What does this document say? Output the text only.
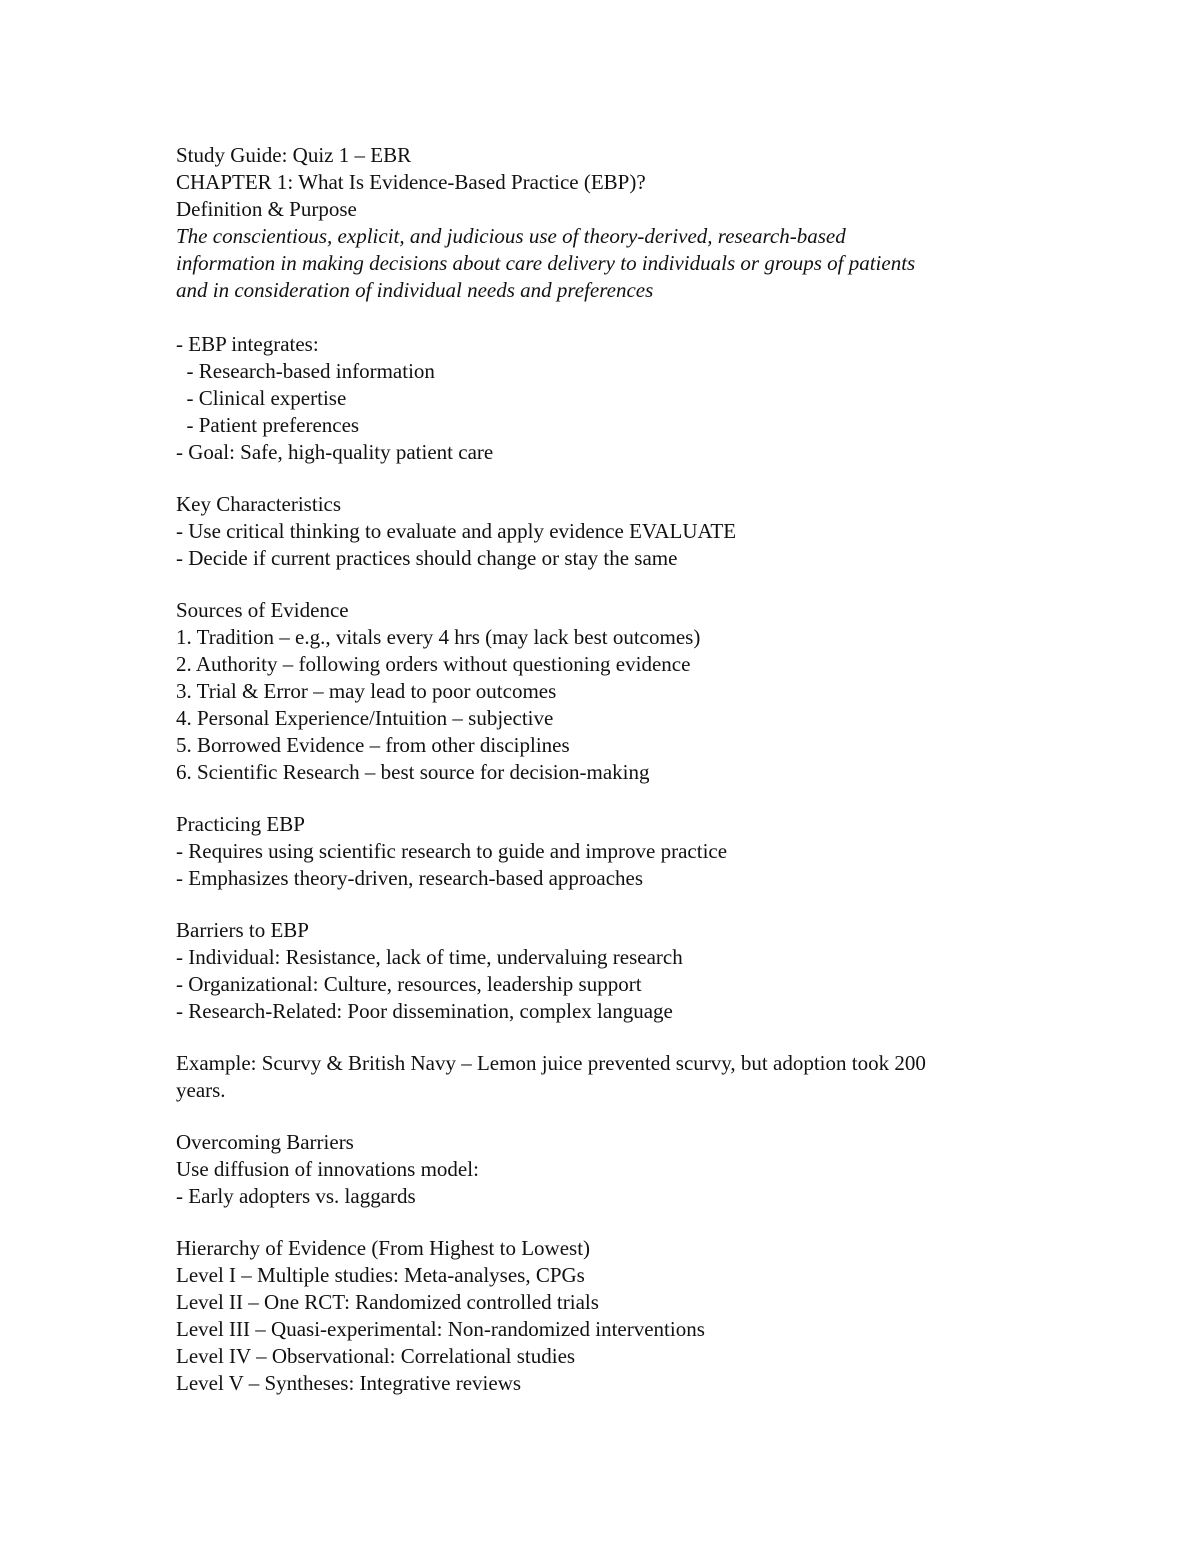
Study Guide: Quiz 1 – EBR
CHAPTER 1: What Is Evidence-Based Practice (EBP)?
Definition & Purpose
The conscientious, explicit, and judicious use of theory-derived, research-based
information in making decisions about care delivery to individuals or groups of patients
and in consideration of individual needs and preferences
- EBP integrates:
- Research-based information
- Clinical expertise
- Patient preferences
- Goal: Safe, high-quality patient care
Key Characteristics
- Use critical thinking to evaluate and apply evidence EVALUATE
- Decide if current practices should change or stay the same
Sources of Evidence
1. Tradition – e.g., vitals every 4 hrs (may lack best outcomes)
2. Authority – following orders without questioning evidence
3. Trial & Error – may lead to poor outcomes
4. Personal Experience/Intuition – subjective
5. Borrowed Evidence – from other disciplines
6. Scientific Research – best source for decision-making
Practicing EBP
- Requires using scientific research to guide and improve practice
- Emphasizes theory-driven, research-based approaches
Barriers to EBP
- Individual: Resistance, lack of time, undervaluing research
- Organizational: Culture, resources, leadership support
- Research-Related: Poor dissemination, complex language
Example: Scurvy & British Navy – Lemon juice prevented scurvy, but adoption took 200
years.
Overcoming Barriers
Use diffusion of innovations model:
- Early adopters vs. laggards
Hierarchy of Evidence (From Highest to Lowest)
Level I – Multiple studies: Meta-analyses, CPGs
Level II – One RCT: Randomized controlled trials
Level III – Quasi-experimental: Non-randomized interventions
Level IV – Observational: Correlational studies
Level V – Syntheses: Integrative reviews
